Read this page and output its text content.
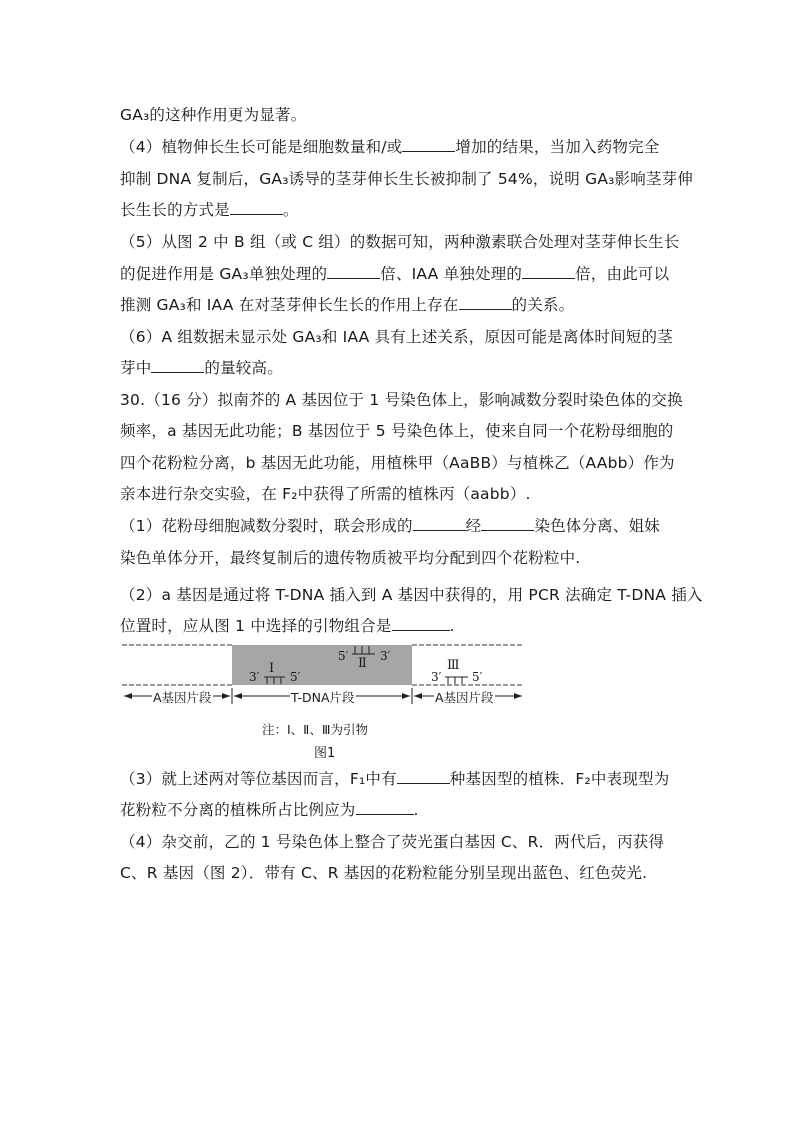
GA₃的这种作用更为显著。
（4）植物伸长生长可能是细胞数量和/或	增加的结果，当加入药物完全
抑制 DNA 复制后，GA₃诱导的茎芽伸长生长被抑制了 54%，说明 GA₃影响茎芽伸
长生长的方式是	。
（5）从图 2 中 B 组（或 C 组）的数据可知，两种激素联合处理对茎芽伸长生长
的促进作用是 GA₃单独处理的	倍、IAA 单独处理的	倍，由此可以
推测 GA₃和 IAA 在对茎芽伸长生长的作用上存在	的关系。
（6）A 组数据未显示处 GA₃和 IAA 具有上述关系，原因可能是离体时间短的茎
芽中	的量较高。
30.（16 分）拟南芥的 A 基因位于 1 号染色体上，影响减数分裂时染色体的交换
频率，a 基因无此功能；B 基因位于 5 号染色体上，使来自同一个花粉母细胞的
四个花粉粒分离，b 基因无此功能，用植株甲（AaBB）与植株乙（AAbb）作为
亲本进行杂交实验，在 F₂中获得了所需的植株丙（aabb）.
（1）花粉母细胞减数分裂时，联会形成的	经	染色体分离、姐妹
染色单体分开，最终复制后的遗传物质被平均分配到四个花粉粒中.
（2）a 基因是通过将 T-DNA 插入到 A 基因中获得的，用 PCR 法确定 T-DNA 插入
位置时，应从图 1 中选择的引物组合是	.
Ⅰ
3′	5′
5′ Ⅱ 3′
Ⅲ
3′	5′
A基因片段	T-DNA片段	A基因片段
注：Ⅰ、Ⅱ、Ⅲ为引物
图1
（3）就上述两对等位基因而言，F₁中有	种基因型的植株．F₂中表现型为
花粉粒不分离的植株所占比例应为	.
（4）杂交前，乙的 1 号染色体上整合了荧光蛋白基因 C、R．两代后，丙获得
C、R 基因（图 2）．带有 C、R 基因的花粉粒能分别呈现出蓝色、红色荧光.
